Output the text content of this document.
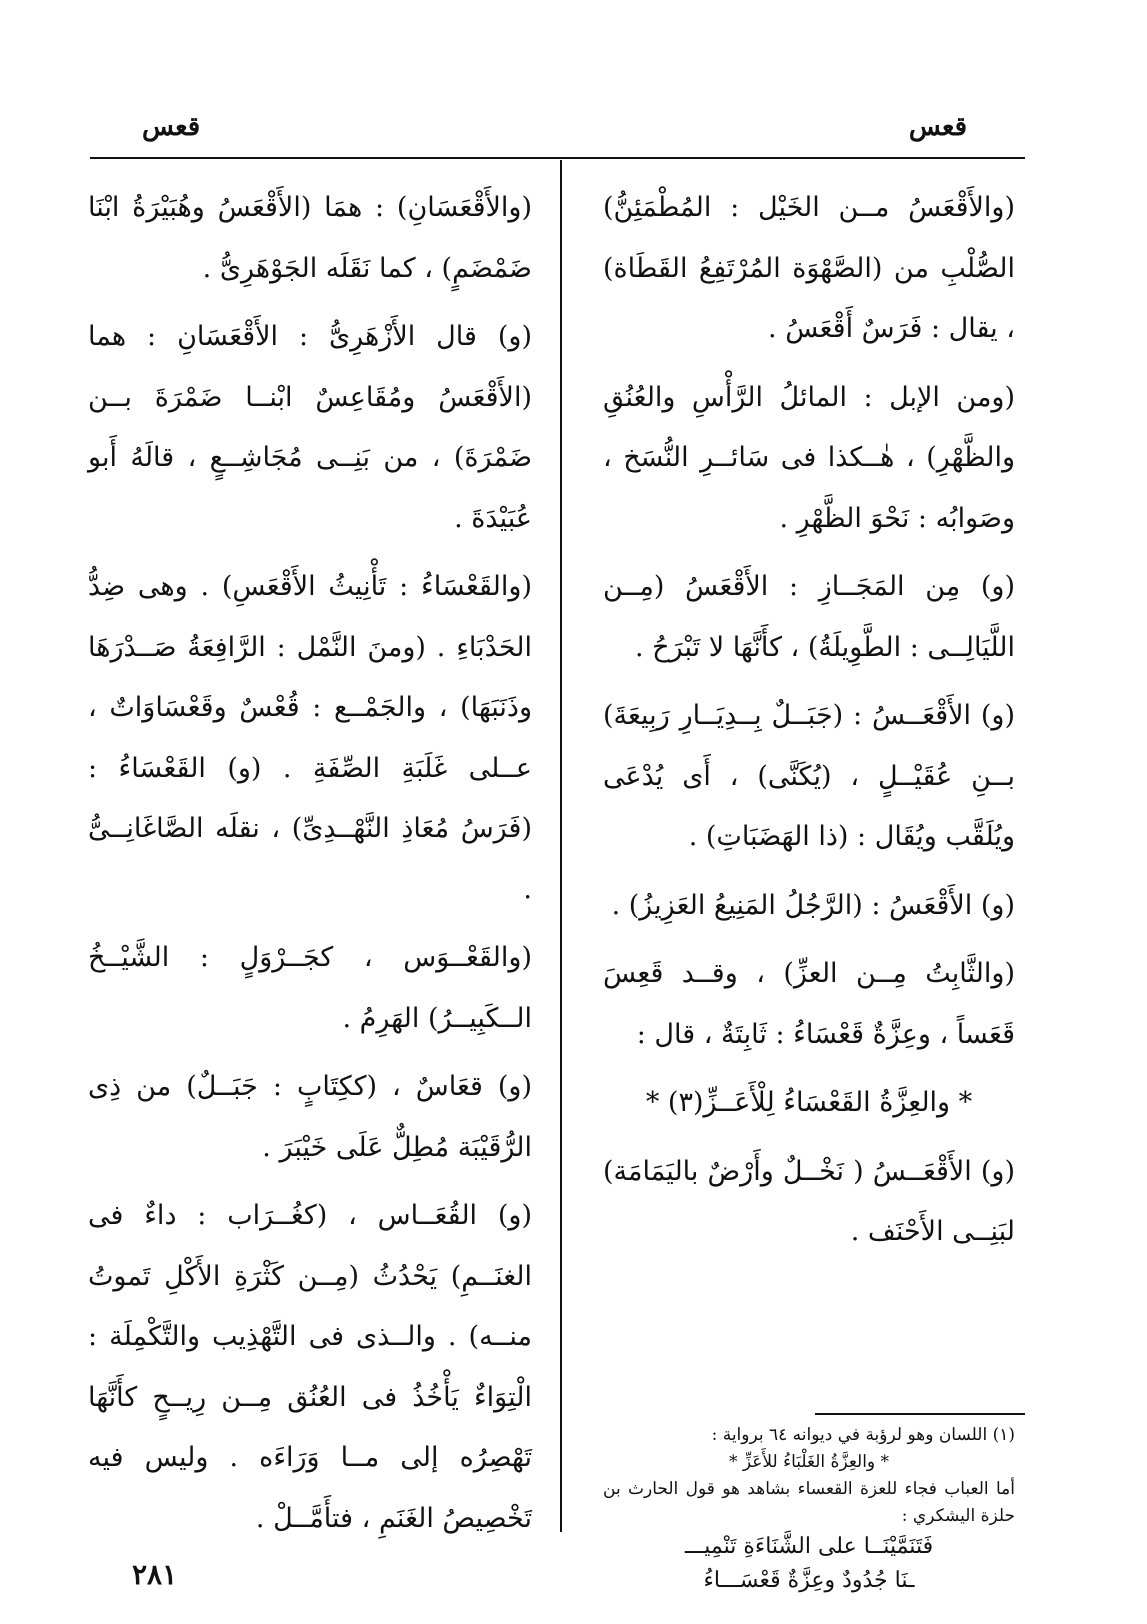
قعس
قعس

(والأَقْعَسُ مــن الخَيْل : المُطْمَئِنُّ) الصُّلْبِ من (الصَّهْوَة المُرْتَفِعُ القَطَاة) ، يقال : فَرَسٌ أَقْعَسُ .

(ومن الإبل : المائلُ الرَّأْسِ والعُنُقِ والظَّهْرِ) ، هٰــكذا فى سَائــرِ النُّسَخ ، وصَوابُه : نَحْوَ الظَّهْرِ .

(و) مِن المَجَــازِ : الأَقْعَسُ (مِــن اللَّيَالِــى : الطَّوِيلَةُ) ، كأَنَّهَا لا تَبْرَحُ .

(و) الأَقْعَــسُ : (جَبَــلٌ بِــدِيَــارِ رَبِيعَةَ) بــنِ عُقَيْــلٍ ، (يُكَنَّى) ، أَى يُدْعَى ويُلَقَّب ويُقَال : (ذا الهَضَبَاتِ) .

(و) الأَقْعَسُ : (الرَّجُلُ المَنِيعُ العَزِيزُ) .

(والثَّابِتُ مِــن العزِّ) ، وقــد قَعِسَ قَعَساً ، وعِزَّةٌ قَعْسَاءُ : ثَابِتَةٌ ، قال :

* والعِزَّةُ القَعْسَاءُ لِلْأَعَــزِّ(٣) *

(و) الأَقْعَــسُ ( نَخْــلٌ وأَرْضٌ باليَمَامَة) لبَنِــى الأَحْنَف .

(والأَقْعَسَانِ) : همَا (الأَقْعَسُ وهُبَيْرَةُ ابْنَا ضَمْضَمٍ) ، كما نَقَلَه الجَوْهَرِىُّ .

(و) قال الأَزْهَرِىُّ : الأَقْعَسَانِ : هما (الأَقْعَسُ ومُقَاعِسٌ ابْنــا ضَمْرَةَ بــن ضَمْرَةَ) ، من بَنِــى مُجَاشِــعٍ ، قالَهُ أَبو عُبَيْدَةَ .

(والقَعْسَاءُ : تَأْنِيثُ الأَقْعَسِ) . وهى ضِدُّ الحَدْبَاءِ . (ومنَ النَّمْل : الرَّافِعَةُ صَــدْرَهَا وذَنَبَهَا) ، والجَمْــع : قُعْسٌ وقَعْسَاوَاتٌ ، عــلى غَلَبَةِ الصِّفَةِ . (و) القَعْسَاءُ : (فَرَسُ مُعَاذِ النَّهْــدِىِّ) ، نقلَه الصَّاغَانِــىُّ .

(والقَعْــوَس ، كجَــرْوَلٍ : الشَّيْــخُ الــكَبِيــرُ) الهَرِمُ .

(و) قعَاسٌ ، (ككِتَابٍ : جَبَــلٌ) من ذِى الرُّقَيْبَة مُطِلٌّ عَلَى خَيْبَرَ .

(و) القُعَــاس ، (كغُــرَاب : داءٌ فى الغنَــمِ) يَحْدُثُ (مِــن كَثْرَةِ الأَكْلِ تَموتُ منــه) . والــذى فى التَّهْذِيب والتَّكْمِلَة : الْتِوَاءٌ يَأْخُذُ فى العُنُق مِــن رِيــحٍ كأَنَّهَا تَهْصِرُه إلى مــا وَرَاءَه . وليس فيه تَخْصِيصُ الغَنَمِ ، فتأَمَّــلْ .

(١) اللسان وهو لرؤبة في ديوانه ٦٤ برواية :

* والعِزَّةُ الغَلْبَاءُ للأَعَزِّ *

أما العباب فجاء للعزة القعساء بشاهد هو قول الحارث بن حلزة اليشكري :

فَتَنَمَّيْنَــا على الشَّنَاءَةِ تَنْمِيـــ

ـنَا جُدُودٌ وعِزَّةٌ قَعْسَـــاءُ

٢٨١
